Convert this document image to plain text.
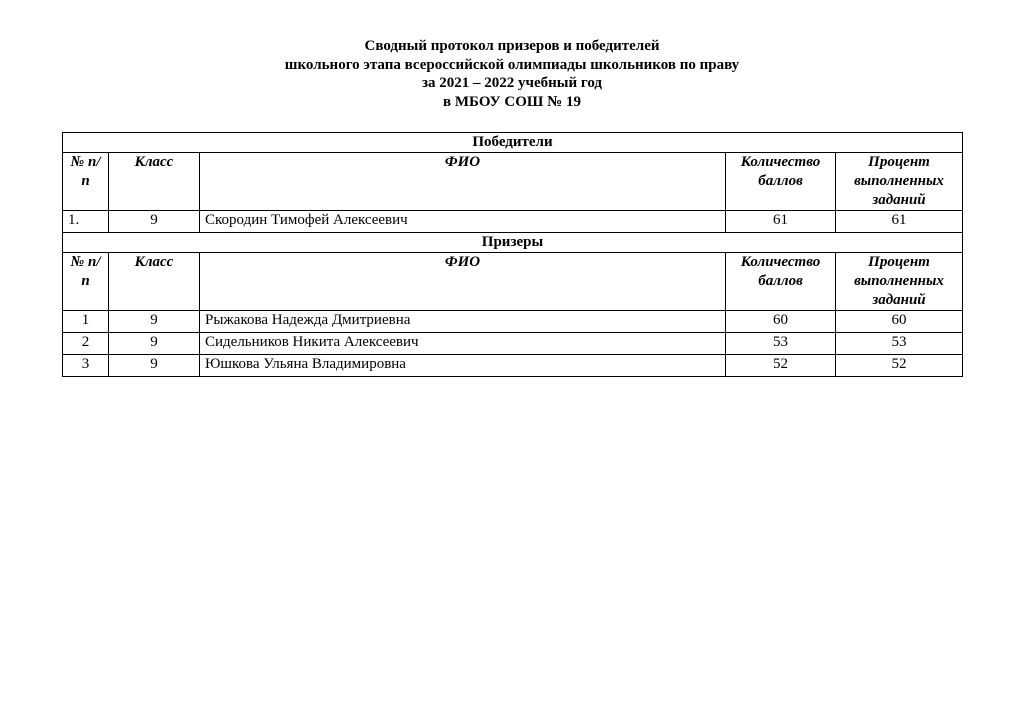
Сводный протокол призеров и победителей
школьного этапа всероссийской олимпиады школьников по праву
за 2021 – 2022 учебный год
в МБОУ СОШ № 19
Победители				
№ п/п	Класс	ФИО	Количество баллов	Процент выполненных заданий
1.	9	Скородин Тимофей Алексеевич	61	61
Призеры				
№ п/п	Класс	ФИО	Количество баллов	Процент выполненных заданий
1	9	Рыжакова Надежда Дмитриевна	60	60
2	9	Сидельников Никита Алексеевич	53	53
3	9	Юшкова Ульяна Владимировна	52	52
